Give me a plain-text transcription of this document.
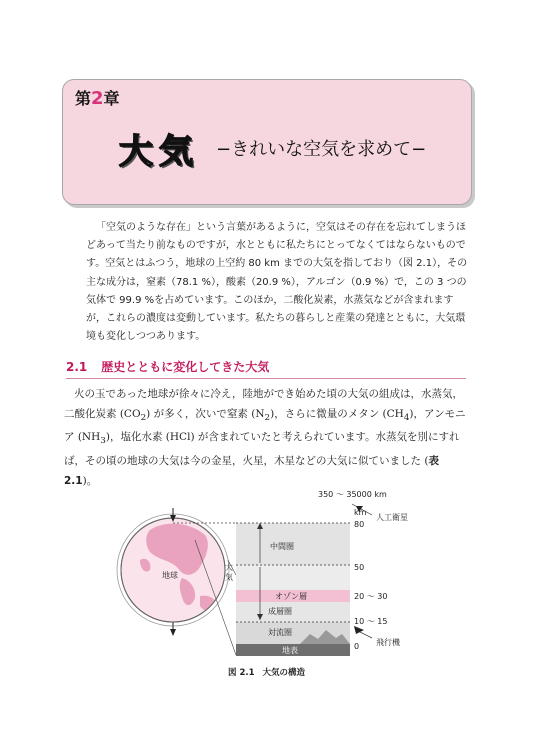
第2章
大気 −きれいな空気を求めて−
「空気のような存在」という言葉があるように，空気はその存在を忘れてしまうほどあって当たり前なものですが，水とともに私たちにとってなくてはならないものです。空気とはふつう，地球の上空約 80 km までの大気を指しており（図 2.1），その主な成分は，窒素（78.1 %），酸素（20.9 %），アルゴン（0.9 %）で，この 3 つの気体で 99.9 %を占めています。このほか，二酸化炭素，水蒸気などが含まれますが，これらの濃度は変動しています。私たちの暮らしと産業の発達とともに，大気環境も変化しつつあります。
2.1 歴史とともに変化してきた大気
火の玉であった地球が徐々に冷え，陸地ができ始めた頃の大気の組成は，水蒸気，二酸化炭素 $(CO_2)$ が多く，次いで窒素 $(N_2)$，さらに微量のメタン $(CH_4)$，アンモニア $(NH_3)$，塩化水素 (HCl) が含まれていたと考えられています。水蒸気を別にすれば，その頃の地球の大気は今の金星，火星，木星などの大気に似ていました (表 2.1)。
地球
大気
350 〜 35000 km
人工衛星
km
80
50
20 〜 30
10 〜 15
0 飛行機
中間圏
オゾン層
成層圏
対流圏
地表
図 2.1 大気の構造
